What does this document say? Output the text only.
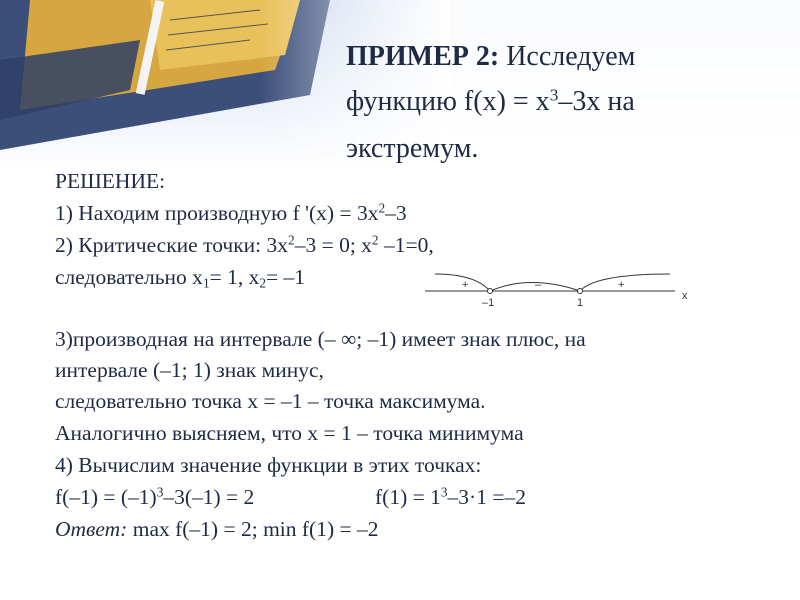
ПРИМЕР 2: Исследуем
функцию $f(x) = x^3-3x$ на
экстремум.
РЕШЕНИЕ:
1) Находим производную f '$(x) = 3x^2-3$
2) Критические точки: $3x^2-3 = 0$; $x^2$ –1=0,
следовательно $x_1= 1$, $x_2= -1$
3)производная на интервале (– ∞; –1) имеет знак плюс, на
интервале (–1; 1) знак минус,
следовательно точка x = –1 – точка максимума.
Аналогично выясняем, что x = 1 – точка минимума
4) Вычислим значение функции в этих точках:
$f(-1) = (-1)^3-3(-1) = 2$	$f(1) = 1^3-3\cdot 1 =-2$
Ответ: max f(–1) = 2; min f(1) = –2
+	–	+
–1	1
x
